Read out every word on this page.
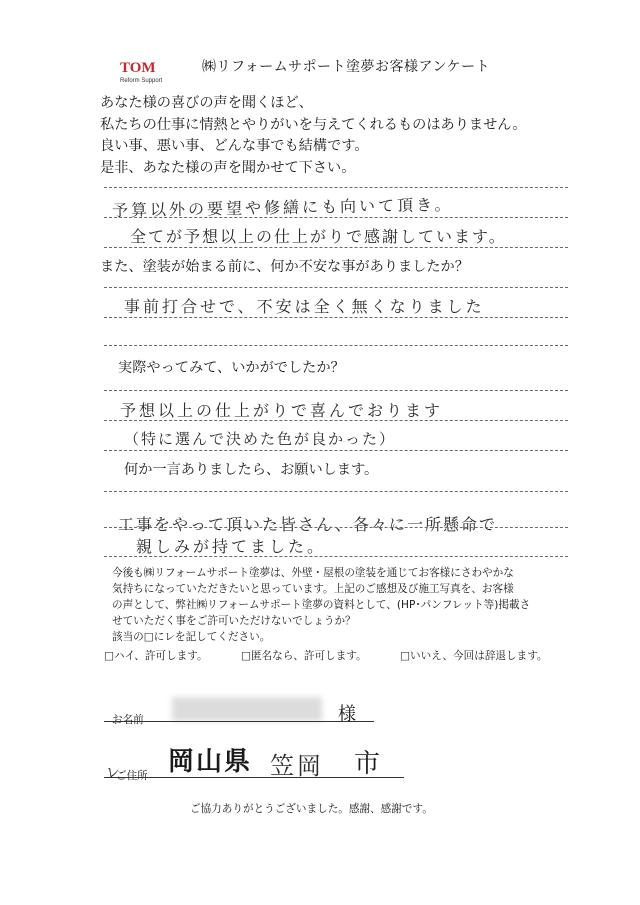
TOM
Reform Support
㈱リフォームサポート塗夢お客様アンケート
あなた様の喜びの声を聞くほど、
私たちの仕事に情熱とやりがいを与えてくれるものはありません。
良い事、悪い事、どんな事でも結構です。
是非、あなた様の声を聞かせて下さい。
予算以外の要望や修繕にも向いて頂き。
全てが予想以上の仕上がりで感謝しています。
また、塗装が始まる前に、何か不安な事がありましたか？
事前打合せで、不安は全く無くなりました
実際やってみて、いかがでしたか？
予想以上の仕上がりで喜んでおります
（特に選んで決めた色が良かった）
何か一言ありましたら、お願いします。
工事をやって頂いた皆さん、各々に一所懸命で
親しみが持てました。
今後も㈱リフォームサポート塗夢は、外壁・屋根の塗装を通じてお客様にさわやかな
気持ちになっていただきたいと思っています。上記のご感想及び施工写真を、お客様
の声として、弊社㈱リフォームサポート塗夢の資料として、(HP･パンフレット等)掲載さ
せていただく事をご許可いただけないでしょうか？
該当の□にレを記してください。
□ハイ、許可します。	□匿名なら、許可します。	□いいえ、今回は辞退します。
お名前	様
レ
ご住所 岡山県 笠岡 市
ご協力ありがとうございました。感謝、感謝です。
